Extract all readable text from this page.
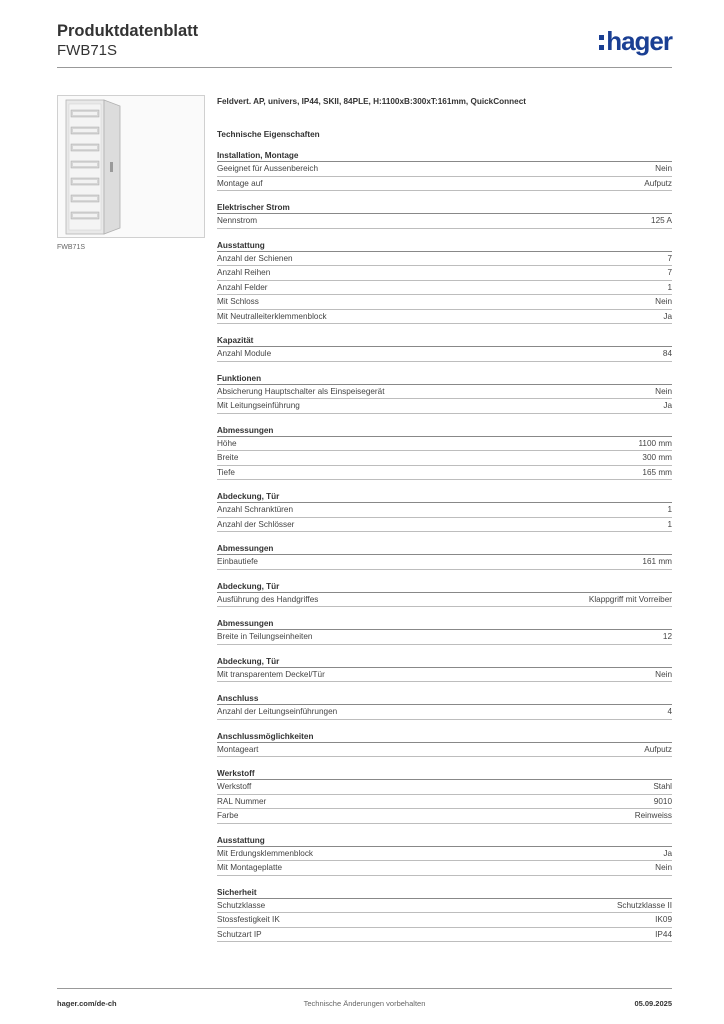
Produktdatenblatt
FWB71S	hager
FWB71S
Feldvert. AP, univers, IP44, SKII, 84PLE, H:1100xB:300xT:161mm, QuickConnect
Technische Eigenschaften
Installation, Montage
Geeignet für Aussenbereich	Nein
Montage auf	Aufputz
Elektrischer Strom
Nennstrom	125 A
Ausstattung
Anzahl der Schienen	7
Anzahl Reihen	7
Anzahl Felder	1
Mit Schloss	Nein
Mit Neutralleiterklemmenblock	Ja
Kapazität
Anzahl Module	84
Funktionen
Absicherung Hauptschalter als Einspeisegerät	Nein
Mit Leitungseinführung	Ja
Abmessungen
Höhe	1100 mm
Breite	300 mm
Tiefe	165 mm
Abdeckung, Tür
Anzahl Schranktüren	1
Anzahl der Schlösser	1
Abmessungen
Einbautiefe	161 mm
Abdeckung, Tür
Ausführung des Handgriffes	Klappgriff mit Vorreiber
Abmessungen
Breite in Teilungseinheiten	12
Abdeckung, Tür
Mit transparentem Deckel/Tür	Nein
Anschluss
Anzahl der Leitungseinführungen	4
Anschlussmöglichkeiten
Montageart	Aufputz
Werkstoff
Werkstoff	Stahl
RAL Nummer	9010
Farbe	Reinweiss
Ausstattung
Mit Erdungsklemmenblock	Ja
Mit Montageplatte	Nein
Sicherheit
Schutzklasse	Schutzklasse II
Stossfestigkeit IK	IK09
Schutzart IP	IP44
hager.com/de-ch	Technische Änderungen vorbehalten	05.09.2025
